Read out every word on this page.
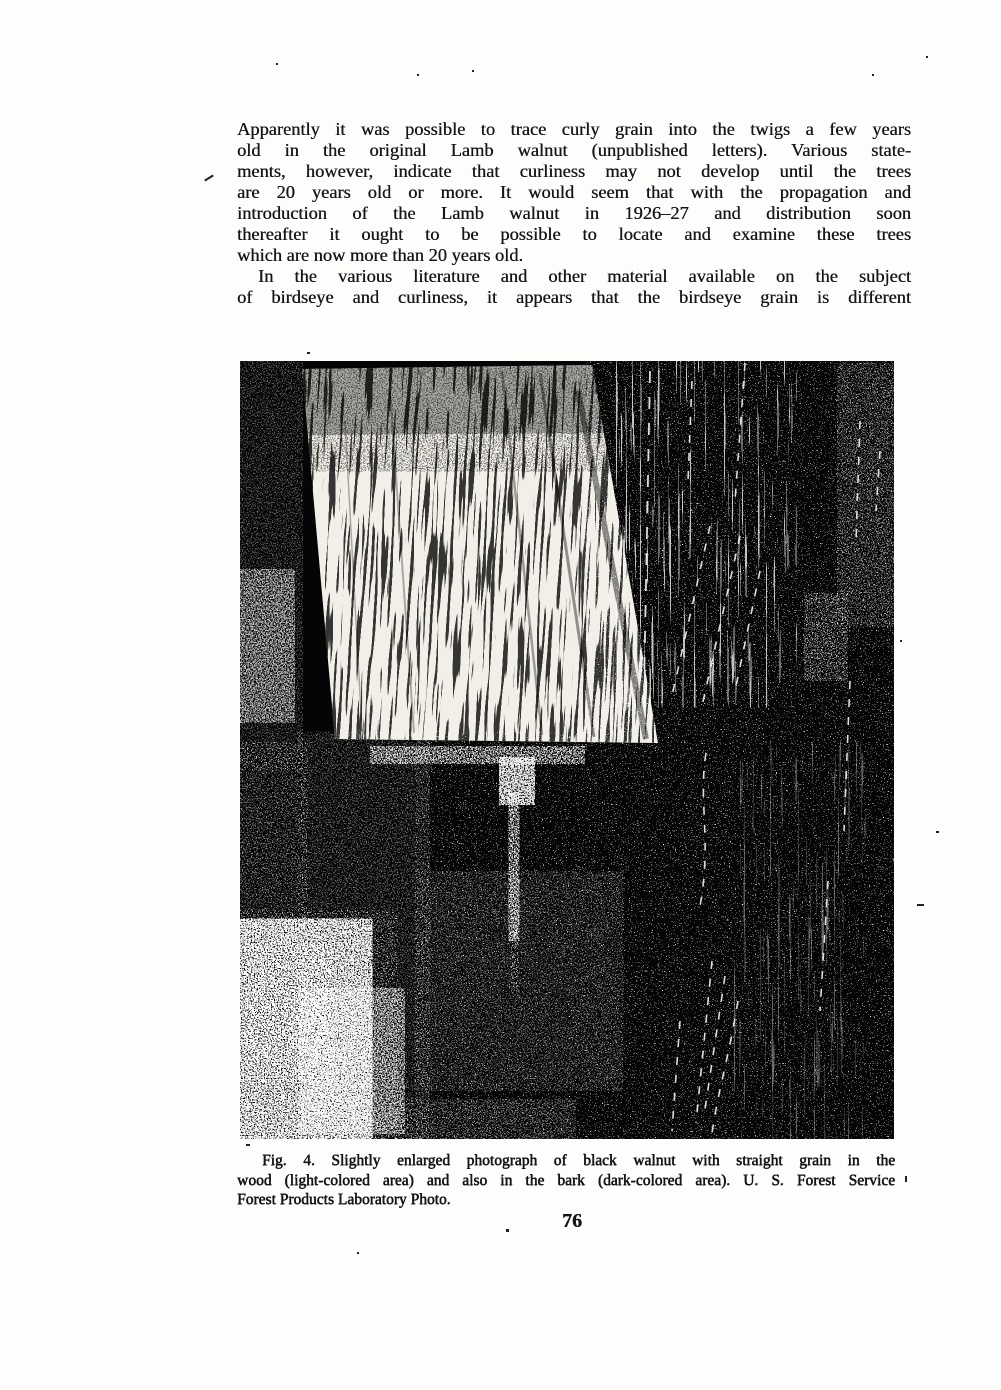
Apparently it was possible to trace curly grain into the twigs a few years
old in the original Lamb walnut (unpublished letters). Various state-
ments, however, indicate that curliness may not develop until the trees
are 20 years old or more. It would seem that with the propagation and
introduction of the Lamb walnut in 1926–27 and distribution soon
thereafter it ought to be possible to locate and examine these trees
which are now more than 20 years old.
In the various literature and other material available on the subject
of birdseye and curliness, it appears that the birdseye grain is different
Fig. 4. Slightly enlarged photograph of black walnut with straight grain in the
wood (light-colored area) and also in the bark (dark-colored area). U. S. Forest Service
Forest Products Laboratory Photo.
76
